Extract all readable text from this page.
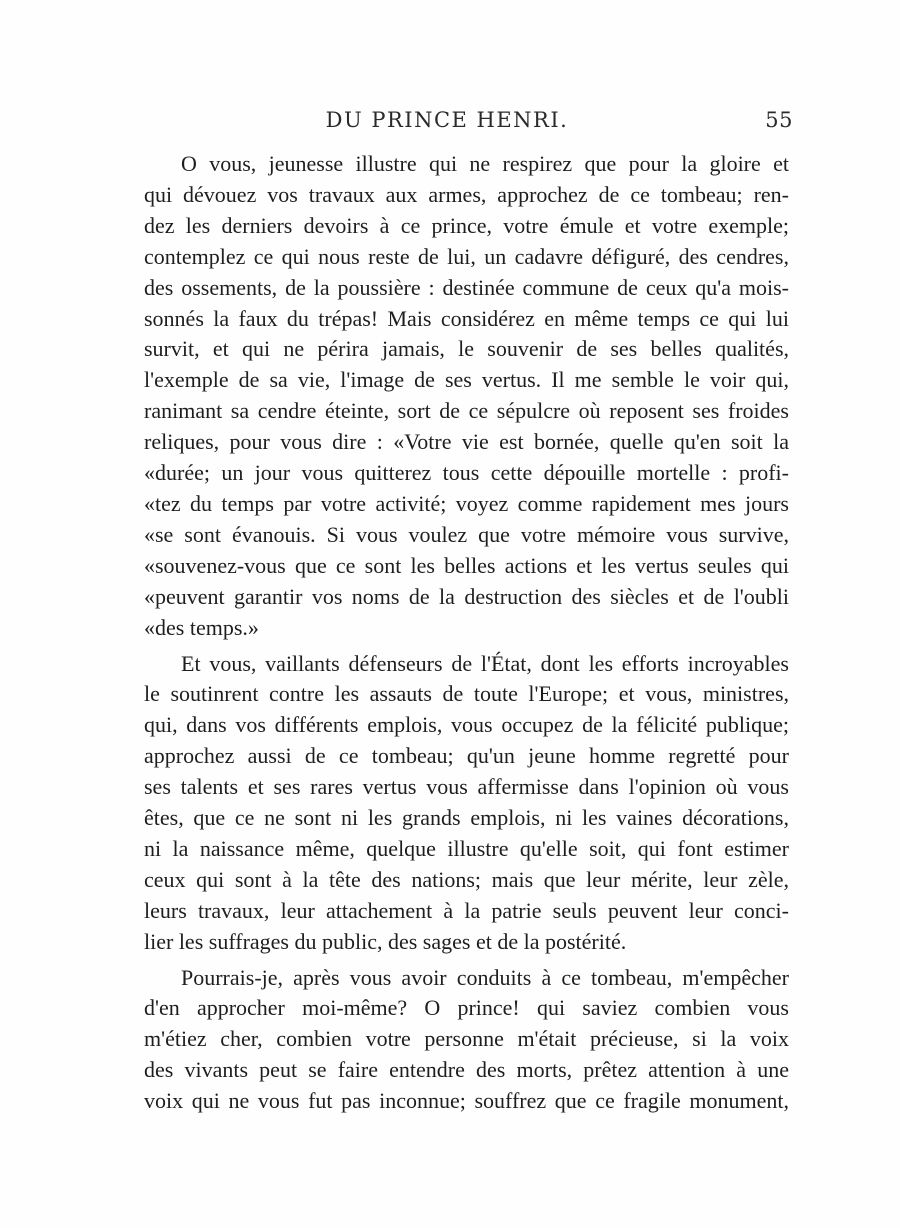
DU PRINCE HENRI.	55

O vous, jeunesse illustre qui ne respirez que pour la gloire et
qui dévouez vos travaux aux armes, approchez de ce tombeau; ren-
dez les derniers devoirs à ce prince, votre émule et votre exemple;
contemplez ce qui nous reste de lui, un cadavre défiguré, des cendres,
des ossements, de la poussière : destinée commune de ceux qu'a mois-
sonnés la faux du trépas! Mais considérez en même temps ce qui lui
survit, et qui ne périra jamais, le souvenir de ses belles qualités,
l'exemple de sa vie, l'image de ses vertus. Il me semble le voir qui,
ranimant sa cendre éteinte, sort de ce sépulcre où reposent ses froides
reliques, pour vous dire : «Votre vie est bornée, quelle qu'en soit la
«durée; un jour vous quitterez tous cette dépouille mortelle : profi-
«tez du temps par votre activité; voyez comme rapidement mes jours
«se sont évanouis. Si vous voulez que votre mémoire vous survive,
«souvenez-vous que ce sont les belles actions et les vertus seules qui
«peuvent garantir vos noms de la destruction des siècles et de l'oubli
«des temps.»

Et vous, vaillants défenseurs de l'État, dont les efforts incroyables
le soutinrent contre les assauts de toute l'Europe; et vous, ministres,
qui, dans vos différents emplois, vous occupez de la félicité publique;
approchez aussi de ce tombeau; qu'un jeune homme regretté pour
ses talents et ses rares vertus vous affermisse dans l'opinion où vous
êtes, que ce ne sont ni les grands emplois, ni les vaines décorations,
ni la naissance même, quelque illustre qu'elle soit, qui font estimer
ceux qui sont à la tête des nations; mais que leur mérite, leur zèle,
leurs travaux, leur attachement à la patrie seuls peuvent leur conci-
lier les suffrages du public, des sages et de la postérité.

Pourrais-je, après vous avoir conduits à ce tombeau, m'empêcher
d'en approcher moi-même? O prince! qui saviez combien vous
m'étiez cher, combien votre personne m'était précieuse, si la voix
des vivants peut se faire entendre des morts, prêtez attention à une
voix qui ne vous fut pas inconnue; souffrez que ce fragile monument,
